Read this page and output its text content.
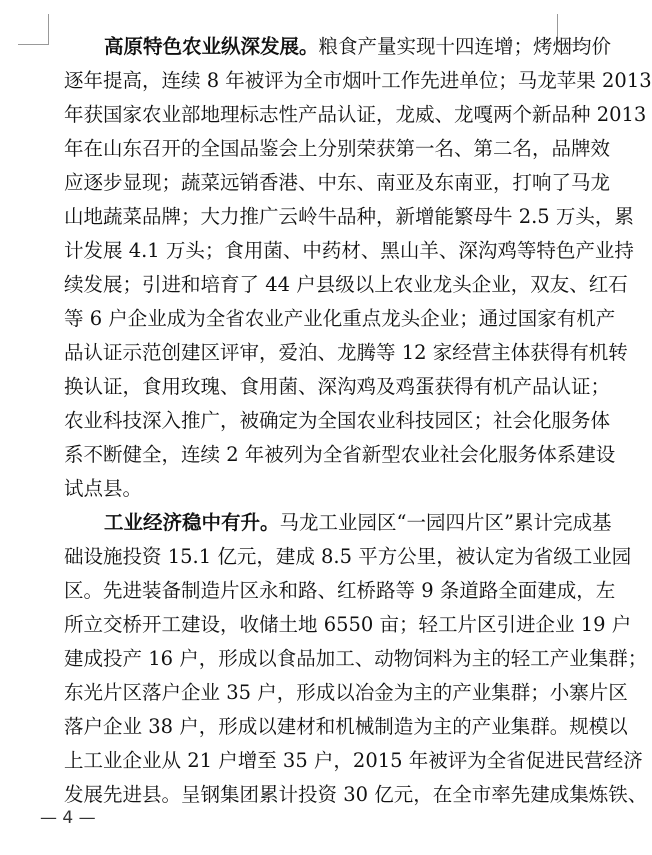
高原特色农业纵深发展。粮食产量实现十四连增；烤烟均价
逐年提高，连续 8 年被评为全市烟叶工作先进单位；马龙苹果 2013
年获国家农业部地理标志性产品认证，龙威、龙嘎两个新品种 2013
年在山东召开的全国品鉴会上分别荣获第一名、第二名，品牌效
应逐步显现；蔬菜远销香港、中东、南亚及东南亚，打响了马龙
山地蔬菜品牌；大力推广云岭牛品种，新增能繁母牛 2.5 万头，累
计发展 4.1 万头；食用菌、中药材、黑山羊、深沟鸡等特色产业持
续发展；引进和培育了 44 户县级以上农业龙头企业，双友、红石
等 6 户企业成为全省农业产业化重点龙头企业；通过国家有机产
品认证示范创建区评审，爱泊、龙腾等 12 家经营主体获得有机转
换认证，食用玫瑰、食用菌、深沟鸡及鸡蛋获得有机产品认证；
农业科技深入推广，被确定为全国农业科技园区；社会化服务体
系不断健全，连续 2 年被列为全省新型农业社会化服务体系建设
试点县。
工业经济稳中有升。马龙工业园区“一园四片区”累计完成基
础设施投资 15.1 亿元，建成 8.5 平方公里，被认定为省级工业园
区。先进装备制造片区永和路、红桥路等 9 条道路全面建成，左
所立交桥开工建设，收储土地 6550 亩；轻工片区引进企业 19 户
建成投产 16 户，形成以食品加工、动物饲料为主的轻工产业集群；
东光片区落户企业 35 户，形成以冶金为主的产业集群；小寨片区
落户企业 38 户，形成以建材和机械制造为主的产业集群。规模以
上工业企业从 21 户增至 35 户，2015 年被评为全省促进民营经济
发展先进县。呈钢集团累计投资 30 亿元，在全市率先建成集炼铁、
— 4 —
